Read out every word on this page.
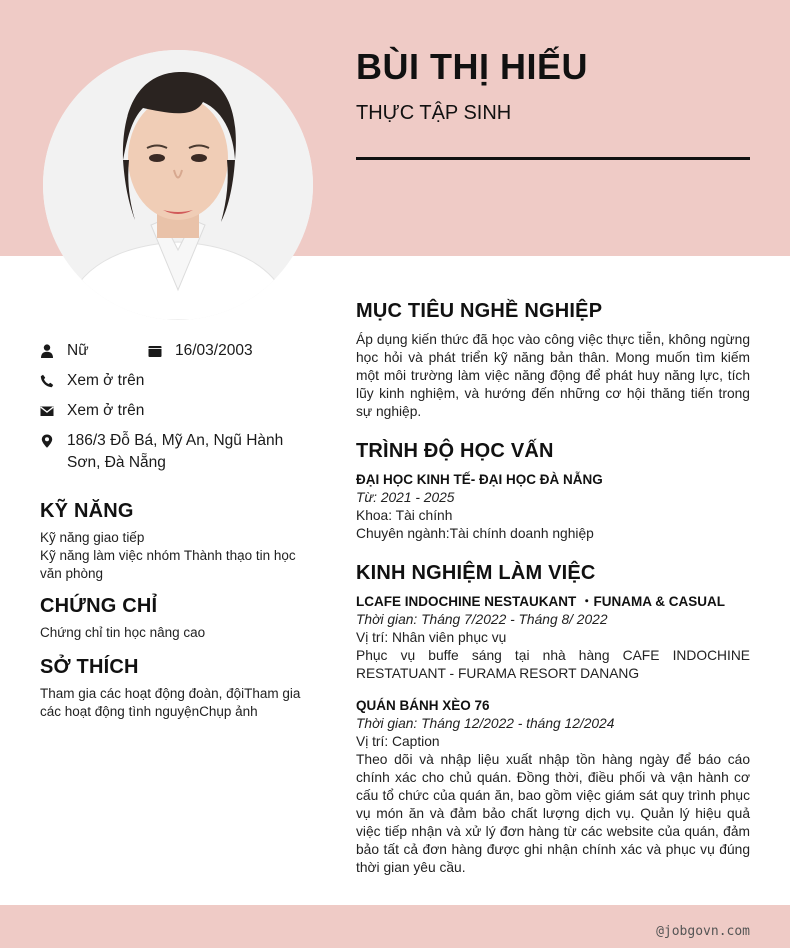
BÙI THỊ HIẾU
THỰC TẬP SINH
Nữ	16/03/2003
Xem ở trên
Xem ở trên
186/3 Đỗ Bá, Mỹ An, Ngũ Hành Sơn, Đà Nẵng
KỸ NĂNG
Kỹ năng giao tiếp
Kỹ năng làm việc nhóm Thành thạo tin học văn phòng
CHỨNG CHỈ
Chứng chỉ tin học nâng cao
SỞ THÍCH
Tham gia các hoạt động đoàn, độiTham gia các hoạt động tình nguyệnChụp ảnh
MỤC TIÊU NGHỀ NGHIỆP
Áp dụng kiến thức đã học vào công việc thực tiễn, không ngừng học hỏi và phát triển kỹ năng bản thân. Mong muốn tìm kiếm một môi trường làm việc năng động để phát huy năng lực, tích lũy kinh nghiệm, và hướng đến những cơ hội thăng tiến trong sự nghiệp.
TRÌNH ĐỘ HỌC VẤN
ĐẠI HỌC KINH TẾ- ĐẠI HỌC ĐÀ NẴNG
Từ: 2021 - 2025
Khoa: Tài chính
Chuyên ngành:Tài chính doanh nghiệp
KINH NGHIỆM LÀM VIỆC
LCAFE INDOCHINE NESTAUKANT ・FUNAMA & CASUAL
Thời gian: Tháng 7/2022 - Tháng 8/ 2022
Vị trí: Nhân viên phục vụ
Phục vụ buffe sáng tại nhà hàng CAFE INDOCHINE RESTATUANT - FURAMA RESORT DANANG
QUÁN BÁNH XÈO 76
Thời gian: Tháng 12/2022 - tháng 12/2024
Vị trí: Caption
Theo dõi và nhập liệu xuất nhập tồn hàng ngày để báo cáo chính xác cho chủ quán. Đồng thời, điều phối và vận hành cơ cấu tổ chức của quán ăn, bao gồm việc giám sát quy trình phục vụ món ăn và đảm bảo chất lượng dịch vụ. Quản lý hiệu quả việc tiếp nhận và xử lý đơn hàng từ các website của quán, đảm bảo tất cả đơn hàng được ghi nhận chính xác và phục vụ đúng thời gian yêu cầu.
@jobgovn.com
